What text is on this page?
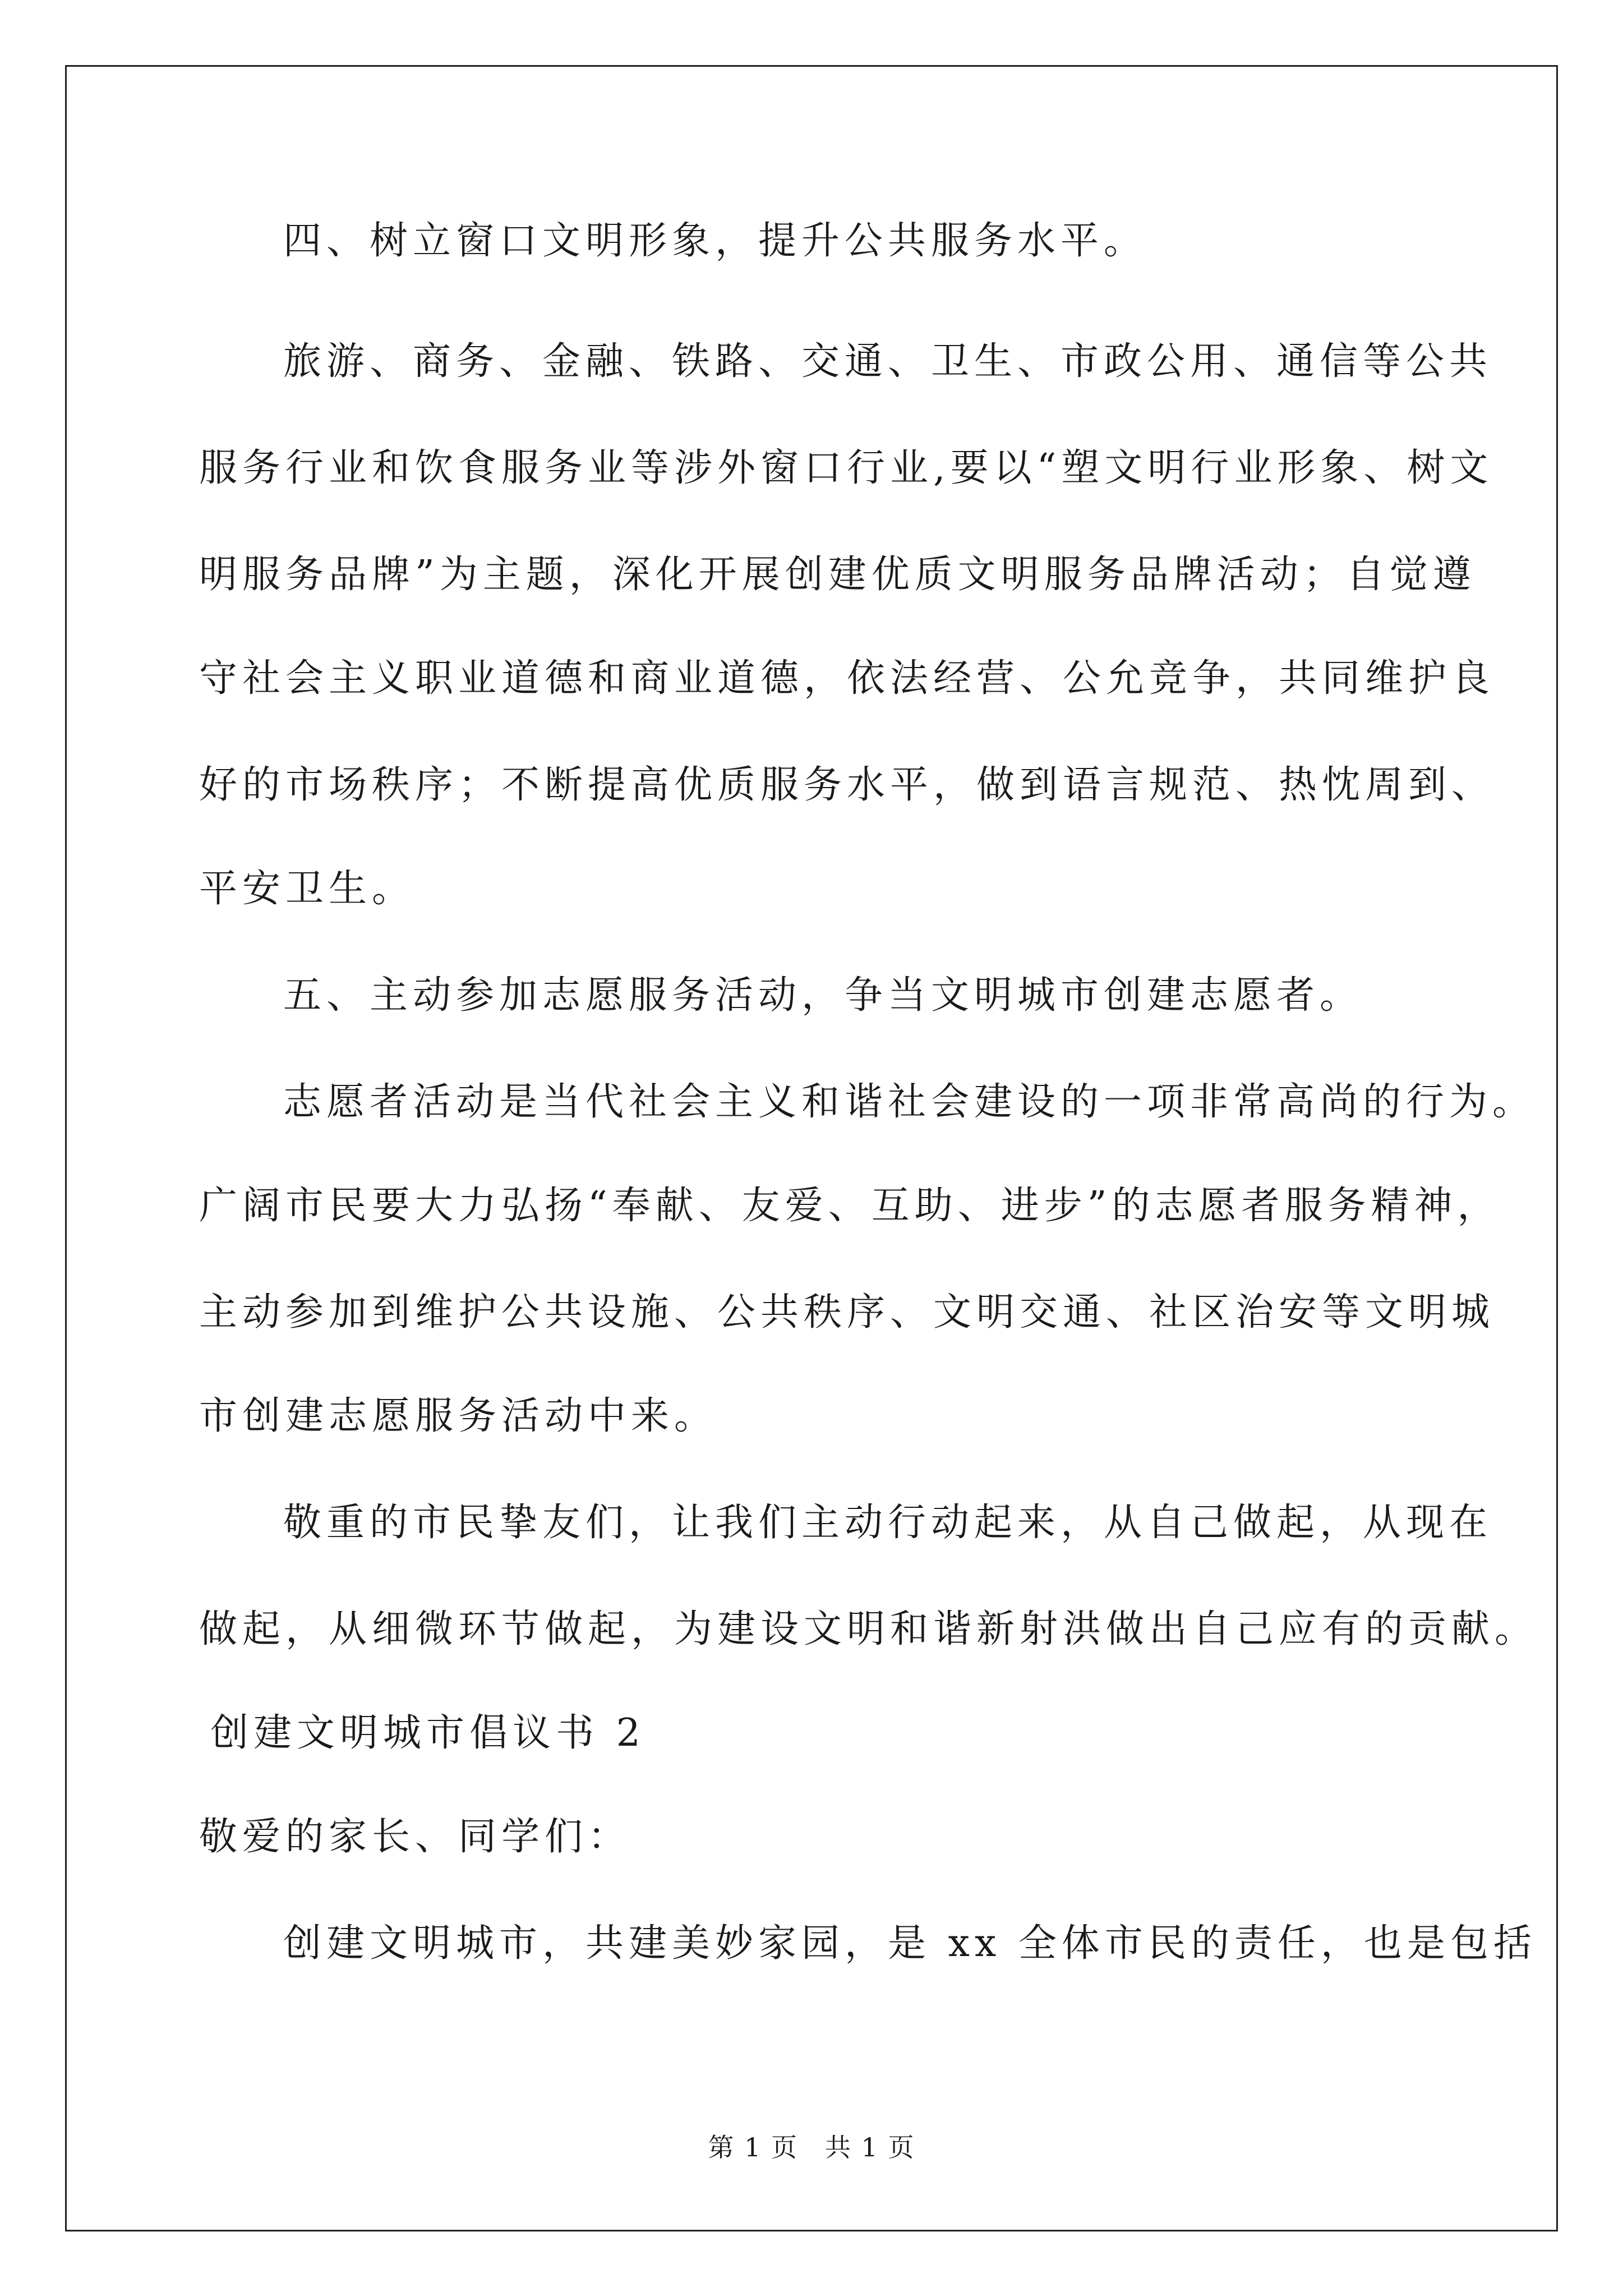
四、树立窗口文明形象，提升公共服务水平。
旅游、商务、金融、铁路、交通、卫生、市政公用、通信等公共
服务行业和饮食服务业等涉外窗口行业,要以“塑文明行业形象、树文
明服务品牌”为主题，深化开展创建优质文明服务品牌活动；自觉遵
守社会主义职业道德和商业道德，依法经营、公允竞争，共同维护良
好的市场秩序；不断提高优质服务水平，做到语言规范、热忱周到、
平安卫生。
五、主动参加志愿服务活动，争当文明城市创建志愿者。
志愿者活动是当代社会主义和谐社会建设的一项非常高尚的行为。
广阔市民要大力弘扬“奉献、友爱、互助、进步”的志愿者服务精神，
主动参加到维护公共设施、公共秩序、文明交通、社区治安等文明城
市创建志愿服务活动中来。
敬重的市民挚友们，让我们主动行动起来，从自己做起，从现在
做起，从细微环节做起，为建设文明和谐新射洪做出自己应有的贡献。
创建文明城市倡议书 2
敬爱的家长、同学们：
创建文明城市，共建美妙家园，是 xx 全体市民的责任，也是包括
第 1 页　共 1 页
